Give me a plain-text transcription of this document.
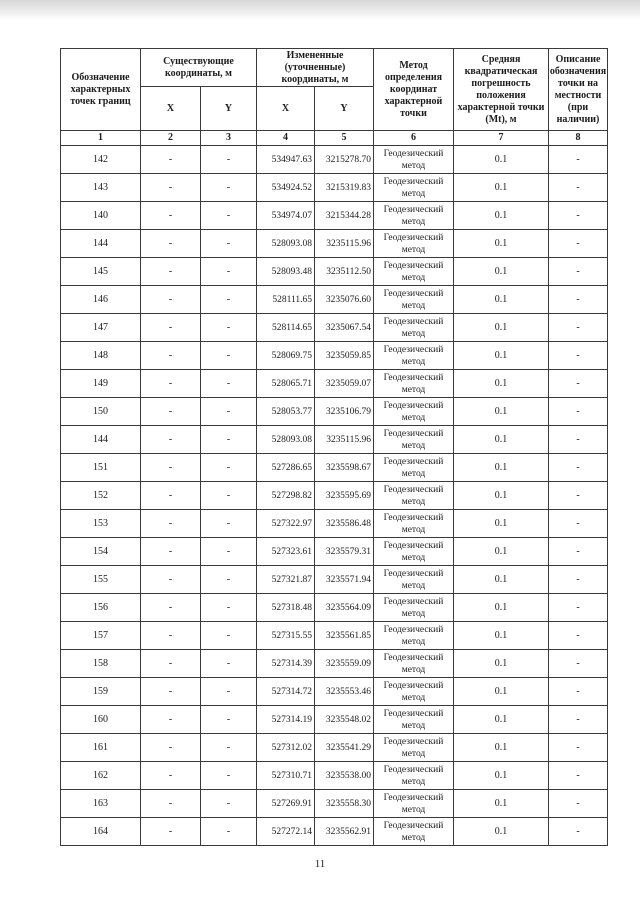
Обозначение характерных точек границ	Существующие координаты, м		Измененные (уточненные) координаты, м		Метод определения координат характерной точки	Средняя квадратическая погрешность положения характерной точки (Mt), м	Описание обозначения точки на местности (при наличии)
	X	Y	X	Y			
1	2	3	4	5	6	7	8
142	-	-	534947.63	3215278.70	Геодезический метод	0.1	-
143	-	-	534924.52	3215319.83	Геодезический метод	0.1	-
140	-	-	534974.07	3215344.28	Геодезический метод	0.1	-
144	-	-	528093.08	3235115.96	Геодезический метод	0.1	-
145	-	-	528093.48	3235112.50	Геодезический метод	0.1	-
146	-	-	528111.65	3235076.60	Геодезический метод	0.1	-
147	-	-	528114.65	3235067.54	Геодезический метод	0.1	-
148	-	-	528069.75	3235059.85	Геодезический метод	0.1	-
149	-	-	528065.71	3235059.07	Геодезический метод	0.1	-
150	-	-	528053.77	3235106.79	Геодезический метод	0.1	-
144	-	-	528093.08	3235115.96	Геодезический метод	0.1	-
151	-	-	527286.65	3235598.67	Геодезический метод	0.1	-
152	-	-	527298.82	3235595.69	Геодезический метод	0.1	-
153	-	-	527322.97	3235586.48	Геодезический метод	0.1	-
154	-	-	527323.61	3235579.31	Геодезический метод	0.1	-
155	-	-	527321.87	3235571.94	Геодезический метод	0.1	-
156	-	-	527318.48	3235564.09	Геодезический метод	0.1	-
157	-	-	527315.55	3235561.85	Геодезический метод	0.1	-
158	-	-	527314.39	3235559.09	Геодезический метод	0.1	-
159	-	-	527314.72	3235553.46	Геодезический метод	0.1	-
160	-	-	527314.19	3235548.02	Геодезический метод	0.1	-
161	-	-	527312.02	3235541.29	Геодезический метод	0.1	-
162	-	-	527310.71	3235538.00	Геодезический метод	0.1	-
163	-	-	527269.91	3235558.30	Геодезический метод	0.1	-
164	-	-	527272.14	3235562.91	Геодезический метод	0.1	-
11
